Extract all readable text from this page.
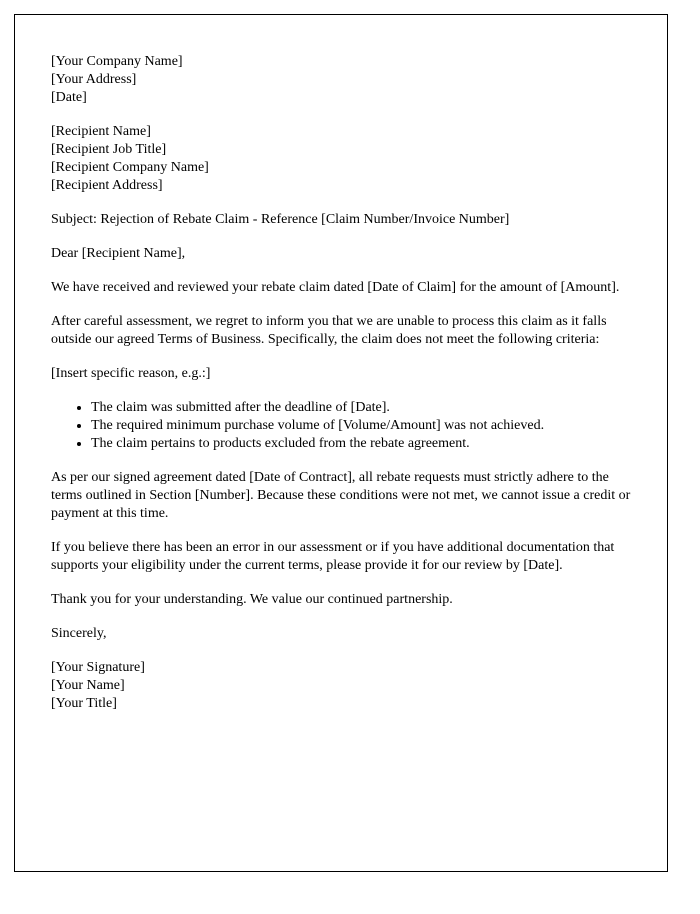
[Your Company Name]
[Your Address]
[Date]
[Recipient Name]
[Recipient Job Title]
[Recipient Company Name]
[Recipient Address]

Subject: Rejection of Rebate Claim - Reference [Claim Number/Invoice Number]

Dear [Recipient Name],

We have received and reviewed your rebate claim dated [Date of Claim] for the amount of [Amount].

After careful assessment, we regret to inform you that we are unable to process this claim as it falls outside our agreed Terms of Business. Specifically, the claim does not meet the following criteria:

[Insert specific reason, e.g.:]

• The claim was submitted after the deadline of [Date].
• The required minimum purchase volume of [Volume/Amount] was not achieved.
• The claim pertains to products excluded from the rebate agreement.

As per our signed agreement dated [Date of Contract], all rebate requests must strictly adhere to the terms outlined in Section [Number]. Because these conditions were not met, we cannot issue a credit or payment at this time.

If you believe there has been an error in our assessment or if you have additional documentation that supports your eligibility under the current terms, please provide it for our review by [Date].

Thank you for your understanding. We value our continued partnership.

Sincerely,

[Your Signature]
[Your Name]
[Your Title]
